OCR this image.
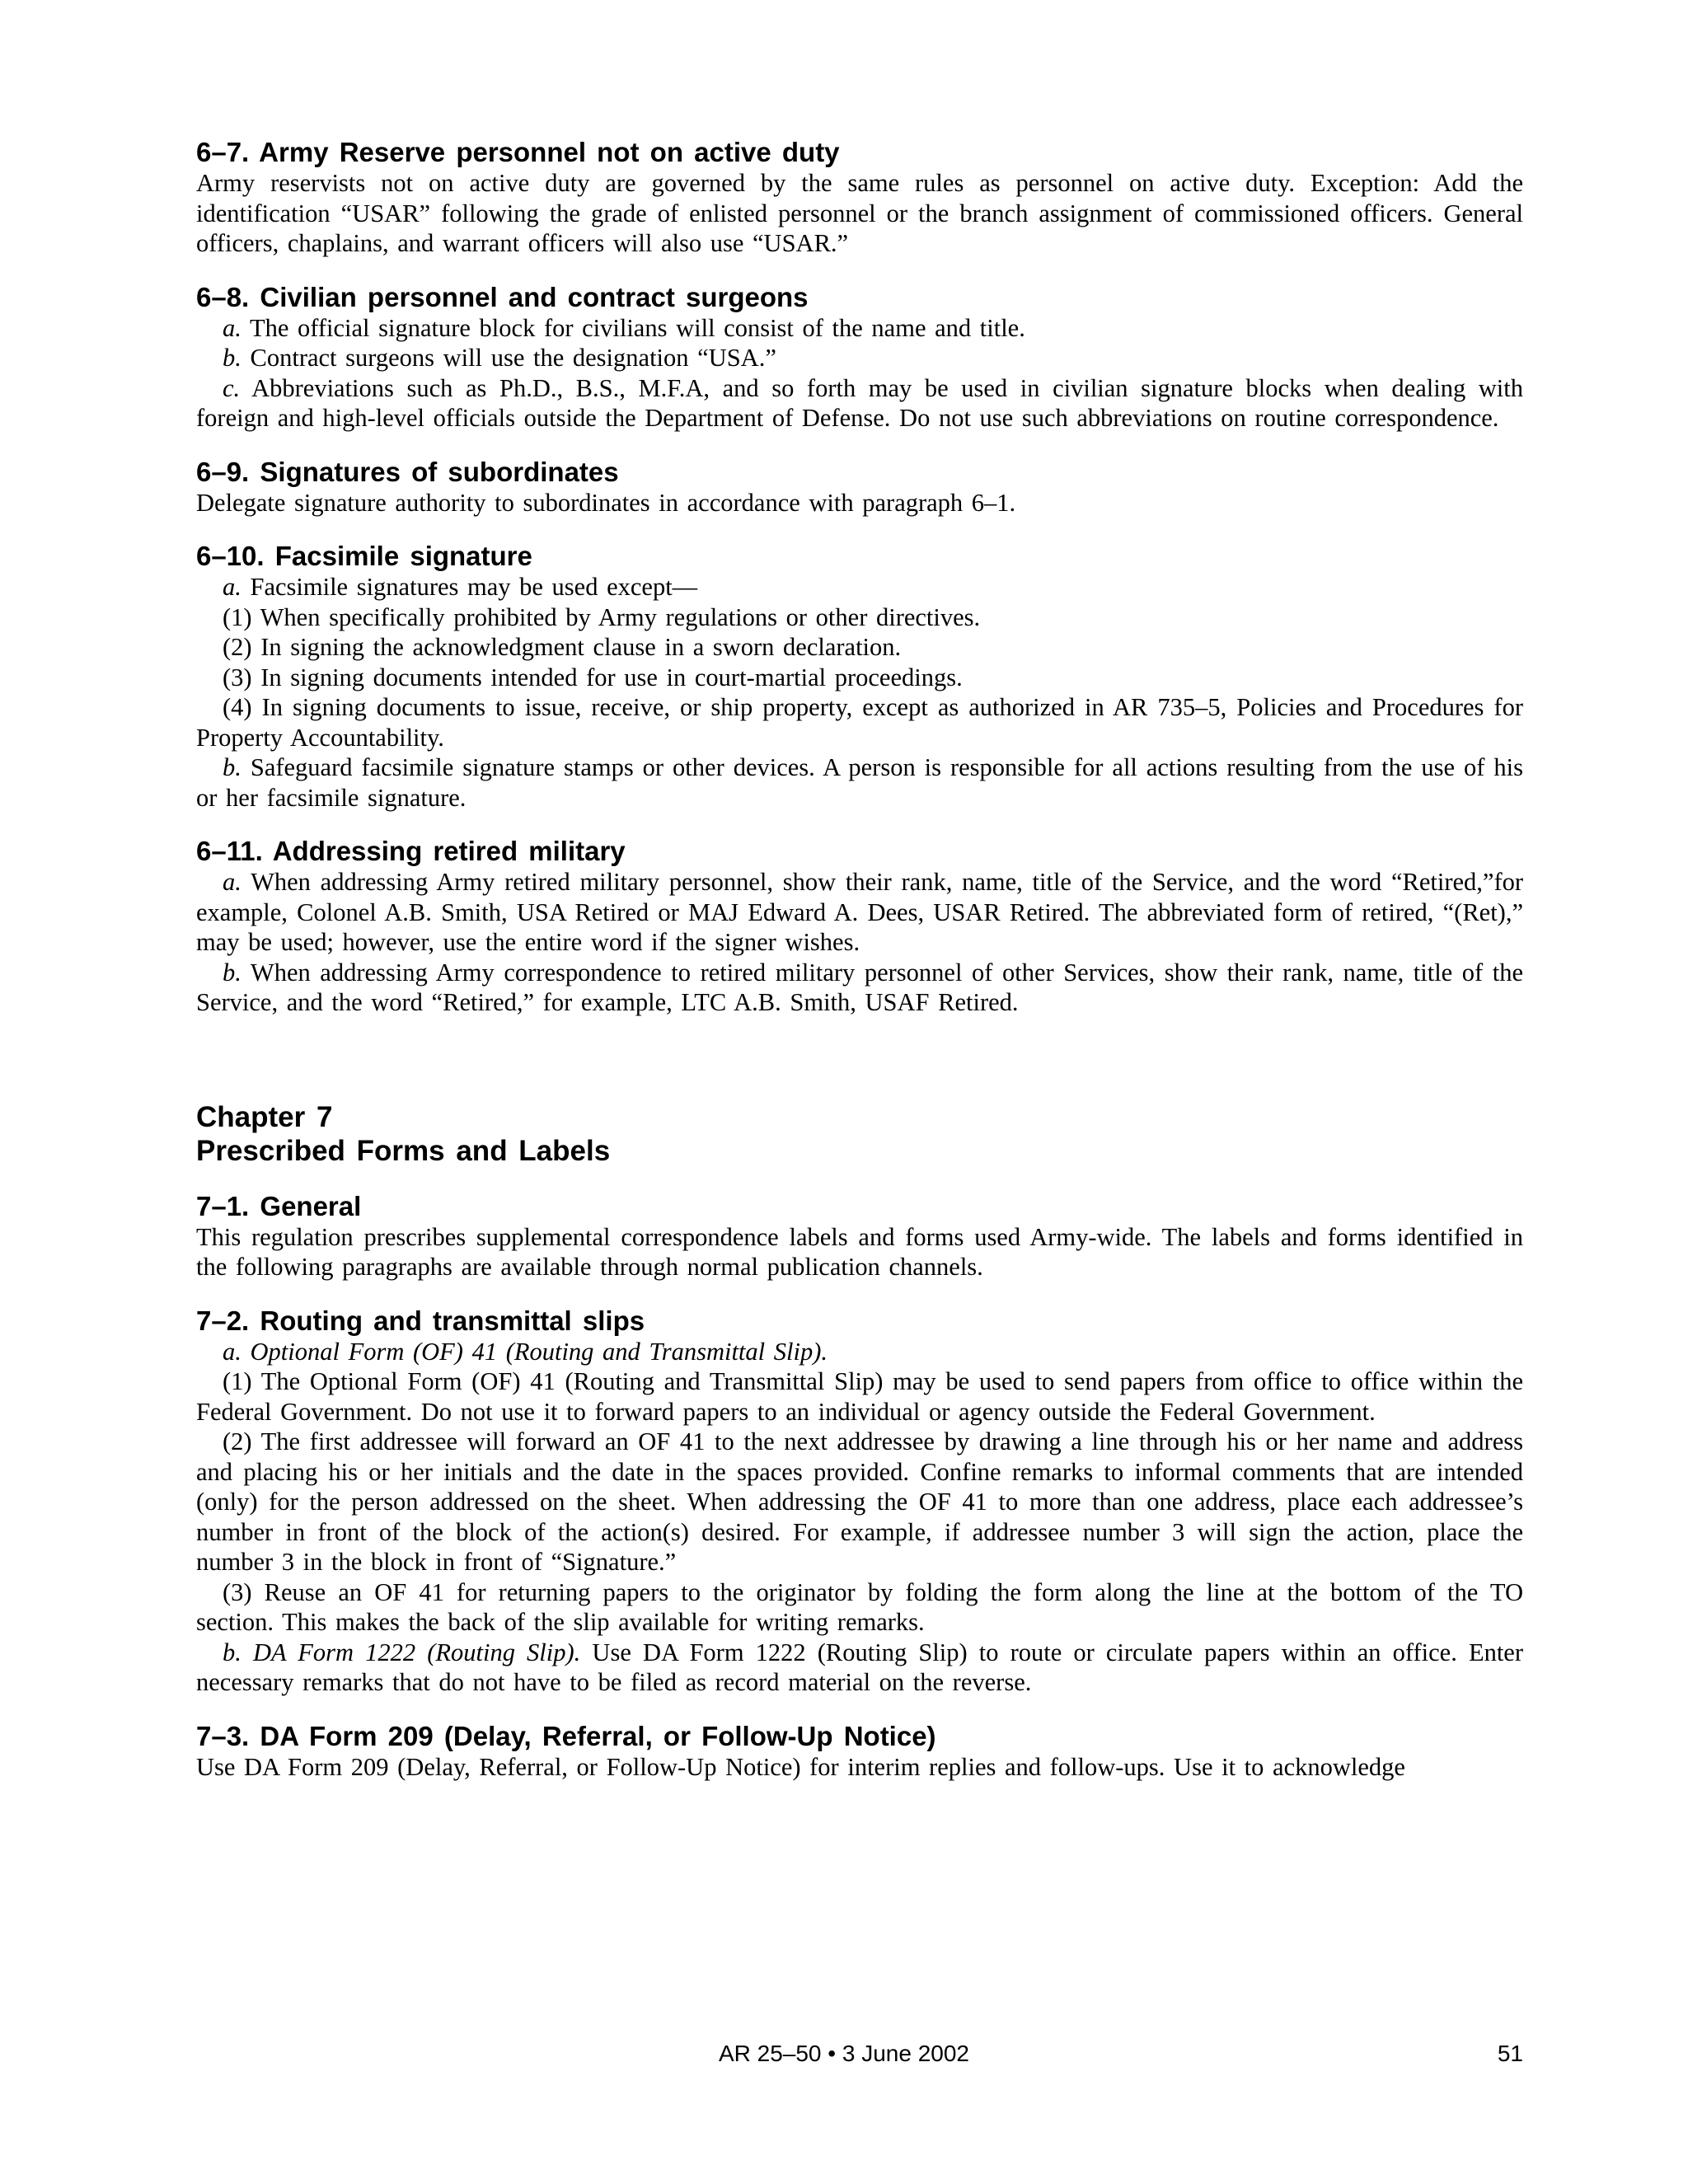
6–7. Army Reserve personnel not on active duty

Army reservists not on active duty are governed by the same rules as personnel on active duty. Exception: Add the identification “USAR” following the grade of enlisted personnel or the branch assignment of commissioned officers. General officers, chaplains, and warrant officers will also use “USAR.”

6–8. Civilian personnel and contract surgeons

a. The official signature block for civilians will consist of the name and title.

b. Contract surgeons will use the designation “USA.”

c. Abbreviations such as Ph.D., B.S., M.F.A, and so forth may be used in civilian signature blocks when dealing with foreign and high-level officials outside the Department of Defense. Do not use such abbreviations on routine correspondence.

6–9. Signatures of subordinates

Delegate signature authority to subordinates in accordance with paragraph 6–1.

6–10. Facsimile signature

a. Facsimile signatures may be used except—

(1) When specifically prohibited by Army regulations or other directives.

(2) In signing the acknowledgment clause in a sworn declaration.

(3) In signing documents intended for use in court-martial proceedings.

(4) In signing documents to issue, receive, or ship property, except as authorized in AR 735–5, Policies and Procedures for Property Accountability.

b. Safeguard facsimile signature stamps or other devices. A person is responsible for all actions resulting from the use of his or her facsimile signature.

6–11. Addressing retired military

a. When addressing Army retired military personnel, show their rank, name, title of the Service, and the word “Retired,”for example, Colonel A.B. Smith, USA Retired or MAJ Edward A. Dees, USAR Retired. The abbreviated form of retired, “(Ret),” may be used; however, use the entire word if the signer wishes.

b. When addressing Army correspondence to retired military personnel of other Services, show their rank, name, title of the Service, and the word “Retired,” for example, LTC A.B. Smith, USAF Retired.

Chapter 7
Prescribed Forms and Labels
7–1. General

This regulation prescribes supplemental correspondence labels and forms used Army-wide. The labels and forms identified in the following paragraphs are available through normal publication channels.

7–2. Routing and transmittal slips

a. Optional Form (OF) 41 (Routing and Transmittal Slip).

(1) The Optional Form (OF) 41 (Routing and Transmittal Slip) may be used to send papers from office to office within the Federal Government. Do not use it to forward papers to an individual or agency outside the Federal Government.

(2) The first addressee will forward an OF 41 to the next addressee by drawing a line through his or her name and address and placing his or her initials and the date in the spaces provided. Confine remarks to informal comments that are intended (only) for the person addressed on the sheet. When addressing the OF 41 to more than one address, place each addressee’s number in front of the block of the action(s) desired. For example, if addressee number 3 will sign the action, place the number 3 in the block in front of “Signature.”

(3) Reuse an OF 41 for returning papers to the originator by folding the form along the line at the bottom of the TO section. This makes the back of the slip available for writing remarks.

b. DA Form 1222 (Routing Slip). Use DA Form 1222 (Routing Slip) to route or circulate papers within an office. Enter necessary remarks that do not have to be filed as record material on the reverse.

7–3. DA Form 209 (Delay, Referral, or Follow-Up Notice)

Use DA Form 209 (Delay, Referral, or Follow-Up Notice) for interim replies and follow-ups. Use it to acknowledge

AR 25–50 • 3 June 2002	51
